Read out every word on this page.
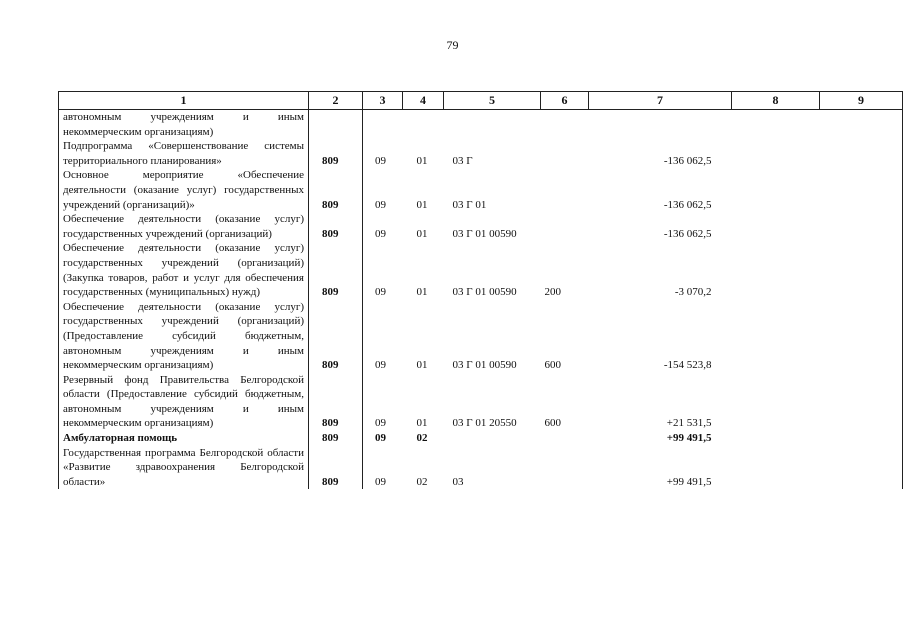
79
1	2	3	4	5	6	7	8	9
автономным учреждениям и иным некоммерческим организациям)								
Подпрограмма «Совершенствование системы территориального планирования»	809	09	01	03 Г		-136 062,5		
Основное мероприятие «Обеспечение деятельности (оказание услуг) государственных учреждений (организаций)»	809	09	01	03 Г 01		-136 062,5		
Обеспечение деятельности (оказание услуг) государственных учреждений (организаций)	809	09	01	03 Г 01 00590		-136 062,5		
Обеспечение деятельности (оказание услуг) государственных учреждений (организаций) (Закупка товаров, работ и услуг для обеспечения государственных (муниципальных) нужд)	809	09	01	03 Г 01 00590	200	-3 070,2		
Обеспечение деятельности (оказание услуг) государственных учреждений (организаций) (Предоставление субсидий бюджетным, автономным учреждениям и иным некоммерческим организациям)	809	09	01	03 Г 01 00590	600	-154 523,8		
Резервный фонд Правительства Белгородской области (Предоставление субсидий бюджетным, автономным учреждениям и иным некоммерческим организациям)	809	09	01	03 Г 01 20550	600	+21 531,5		
Амбулаторная помощь	809	09	02			+99 491,5		
Государственная программа Белгородской области «Развитие здравоохранения Белгородской области»	809	09	02	03		+99 491,5		
